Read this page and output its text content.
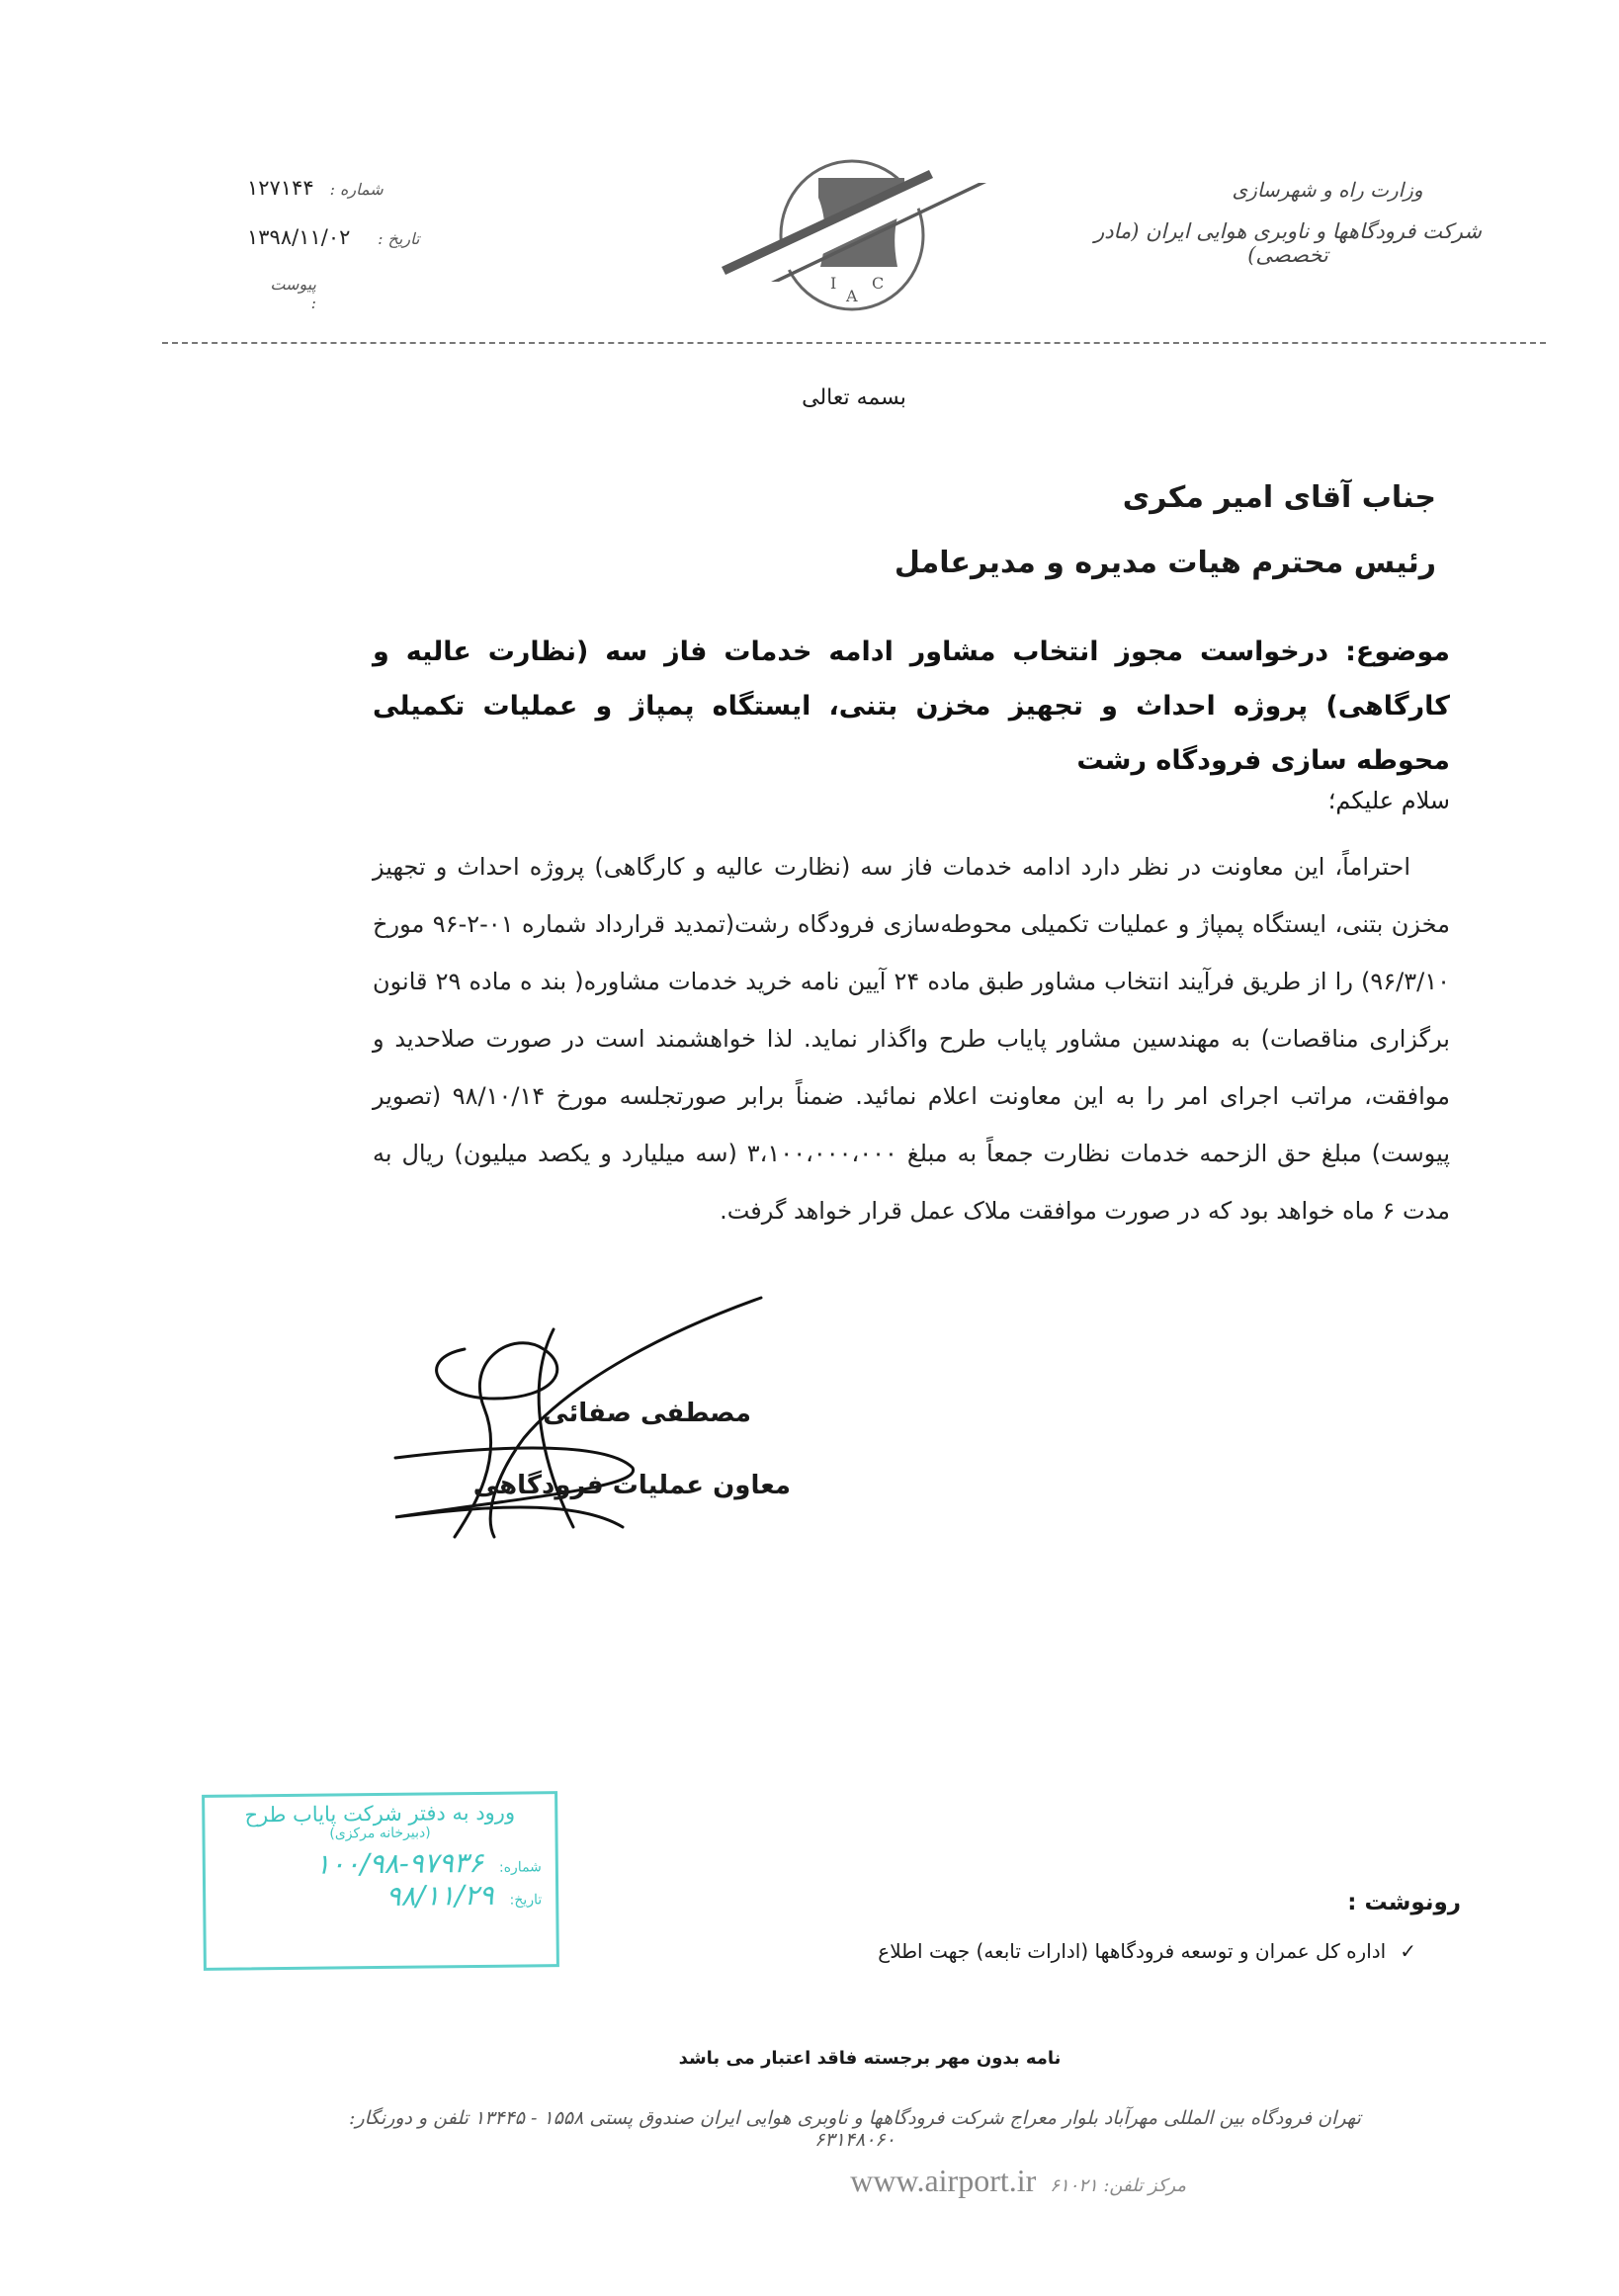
شماره :
۱۲۷۱۴۴
تاریخ :
۱۳۹۸/۱۱/۰۲
پیوست :
I
A
C
وزارت راه و شهرسازی
شرکت فرودگاهها و ناوبری هوایی ایران (مادر تخصصی)
بسمه تعالی
جناب آقای امیر مکری
رئیس محترم هیات مدیره و مدیرعامل
موضوع: درخواست مجوز انتخاب مشاور ادامه خدمات فاز سه (نظارت عالیه و کارگاهی) پروژه احداث و تجهیز مخزن بتنی، ایستگاه پمپاژ و عملیات تکمیلی محوطه سازی فرودگاه رشت
سلام علیکم؛
احتراماً، این معاونت در نظر دارد ادامه خدمات فاز سه (نظارت عالیه و کارگاهی) پروژه احداث و تجهیز مخزن بتنی، ایستگاه پمپاژ و عملیات تکمیلی محوطه‌سازی فرودگاه رشت(تمدید قرارداد شماره ۰۱-۲-۹۶ مورخ ۹۶/۳/۱۰) را از طریق فرآیند انتخاب مشاور طبق ماده ۲۴ آیین نامه خرید خدمات مشاوره( بند ه ماده ۲۹ قانون برگزاری مناقصات) به مهندسین مشاور پایاب طرح واگذار نماید. لذا خواهشمند است در صورت صلاحدید و موافقت، مراتب اجرای امر را به این معاونت اعلام نمائید. ضمناً برابر صورتجلسه مورخ ۹۸/۱۰/۱۴ (تصویر پیوست) مبلغ حق الزحمه خدمات نظارت جمعاً به مبلغ ۳،۱۰۰،۰۰۰،۰۰۰ (سه میلیارد و یکصد میلیون) ریال به مدت ۶ ماه خواهد بود که در صورت موافقت ملاک عمل قرار خواهد گرفت.
مصطفی صفائی
معاون عملیات فرودگاهی
ورود به دفتر شرکت پایاب طرح
(دبیرخانه مرکزی)
شماره:
۱۰۰/۹۸-۹۷۹۳۶
تاریخ:
۹۸/۱۱/۲۹	رونوشت :
✓
اداره کل عمران و توسعه فرودگاهها (ادارات تابعه) جهت اطلاع
نامه بدون مهر برجسته فاقد اعتبار می باشد
تهران فرودگاه بین المللی مهرآباد بلوار معراج شرکت فرودگاهها و ناوبری هوایی ایران صندوق پستی ۱۵۵۸ - ۱۳۴۴۵ تلفن و دورنگار: ۶۳۱۴۸۰۶۰
مرکز تلفن: ۶۱۰۲۱
www.airport.ir
